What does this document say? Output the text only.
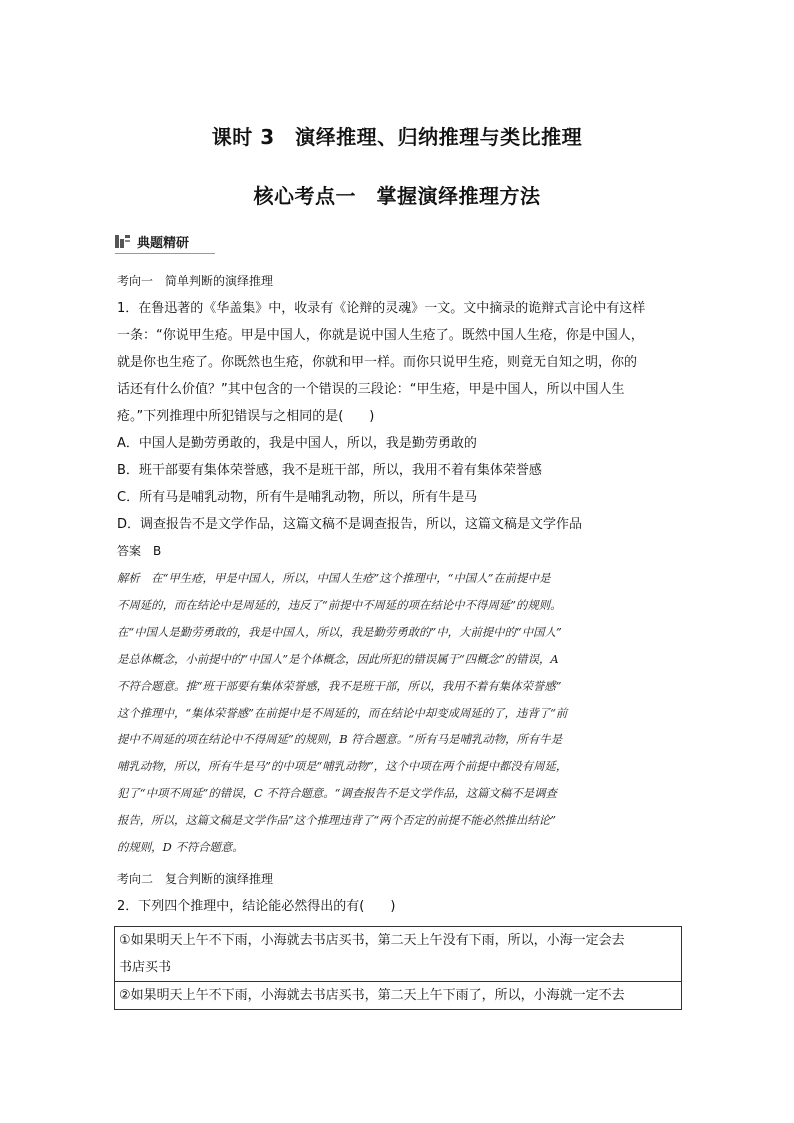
课时 3　演绎推理、归纳推理与类比推理
核心考点一　掌握演绎推理方法
典题精研
考向一　简单判断的演绎推理
1．在鲁迅著的《华盖集》中，收录有《论辩的灵魂》一文。文中摘录的诡辩式言论中有这样
一条：“你说甲生疮。甲是中国人，你就是说中国人生疮了。既然中国人生疮，你是中国人，
就是你也生疮了。你既然也生疮，你就和甲一样。而你只说甲生疮，则竟无自知之明，你的
话还有什么价值？”其中包含的一个错误的三段论：“甲生疮，甲是中国人，所以中国人生
疮。”下列推理中所犯错误与之相同的是(　　)
A．中国人是勤劳勇敢的，我是中国人，所以，我是勤劳勇敢的
B．班干部要有集体荣誉感，我不是班干部，所以，我用不着有集体荣誉感
C．所有马是哺乳动物，所有牛是哺乳动物，所以，所有牛是马
D．调查报告不是文学作品，这篇文稿不是调查报告，所以，这篇文稿是文学作品
答案　B
解析　在“甲生疮，甲是中国人，所以，中国人生疮”这个推理中，“中国人”在前提中是
不周延的，而在结论中是周延的，违反了“前提中不周延的项在结论中不得周延”的规则。
在“中国人是勤劳勇敢的，我是中国人，所以，我是勤劳勇敢的”中，大前提中的“中国人”
是总体概念，小前提中的“中国人”是个体概念，因此所犯的错误属于“四概念”的错误，A
不符合题意。推“班干部要有集体荣誉感，我不是班干部，所以，我用不着有集体荣誉感”
这个推理中，“集体荣誉感”在前提中是不周延的，而在结论中却变成周延的了，违背了“前
提中不周延的项在结论中不得周延”的规则，B 符合题意。“所有马是哺乳动物，所有牛是
哺乳动物，所以，所有牛是马”的中项是“哺乳动物”，这个中项在两个前提中都没有周延，
犯了“中项不周延”的错误，C 不符合题意。“调查报告不是文学作品，这篇文稿不是调查
报告，所以，这篇文稿是文学作品”这个推理违背了“两个否定的前提不能必然推出结论”
的规则，D 不符合题意。
考向二　复合判断的演绎推理
2．下列四个推理中，结论能必然得出的有(　　)
①如果明天上午不下雨，小海就去书店买书，第二天上午没有下雨，所以，小海一定会去
书店买书
②如果明天上午不下雨，小海就去书店买书，第二天上午下雨了，所以，小海就一定不去
